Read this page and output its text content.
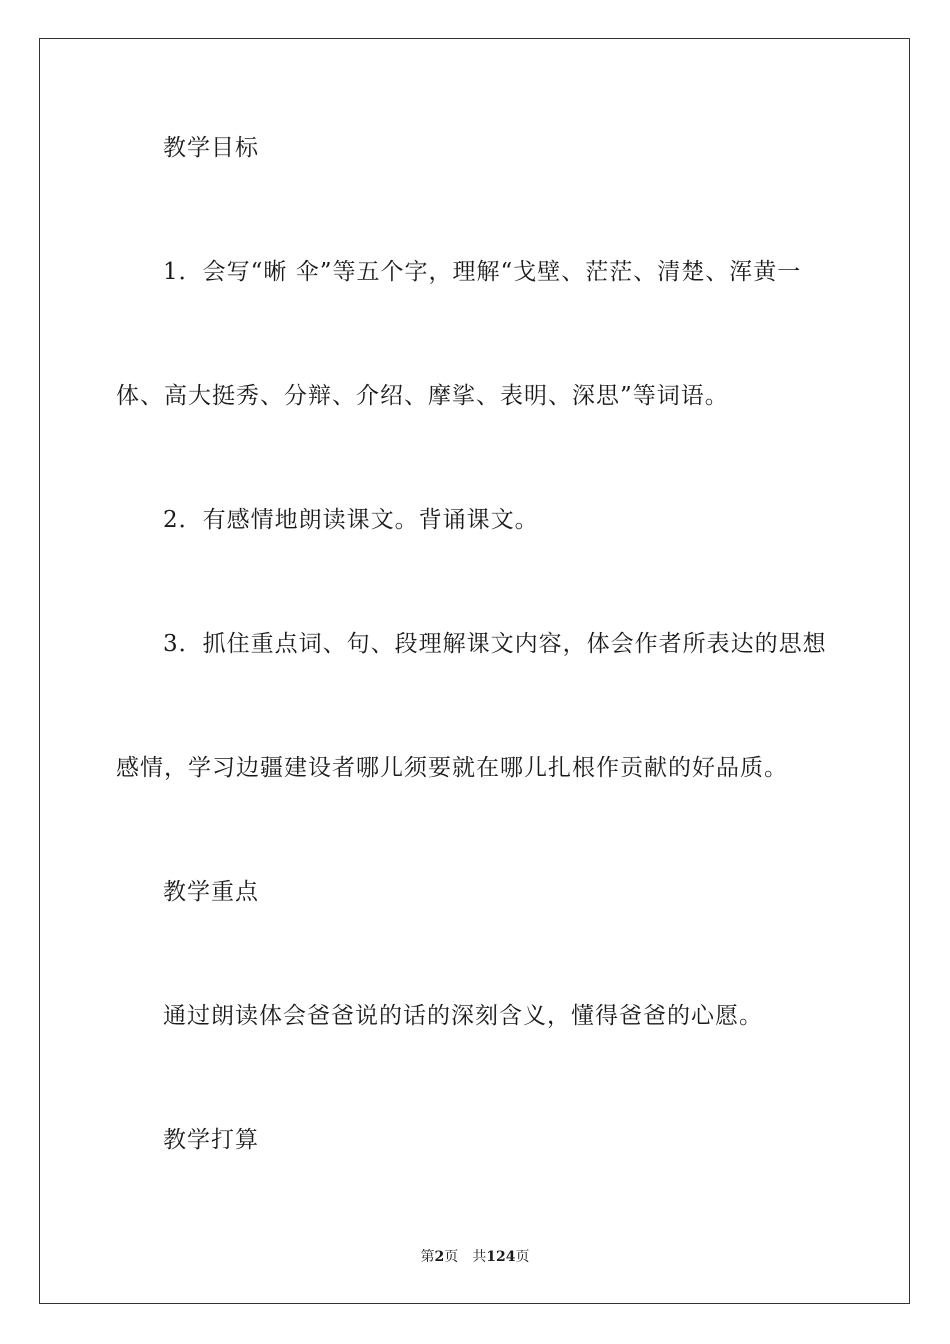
教学目标
1．会写“晰 伞”等五个字，理解“戈壁、茫茫、清楚、浑黄一
体、高大挺秀、分辩、介绍、摩挲、表明、深思”等词语。
2．有感情地朗读课文。背诵课文。
3．抓住重点词、句、段理解课文内容，体会作者所表达的思想
感情，学习边疆建设者哪儿须要就在哪儿扎根作贡献的好品质。
教学重点
通过朗读体会爸爸说的话的深刻含义，懂得爸爸的心愿。
教学打算
第2页　共124页
